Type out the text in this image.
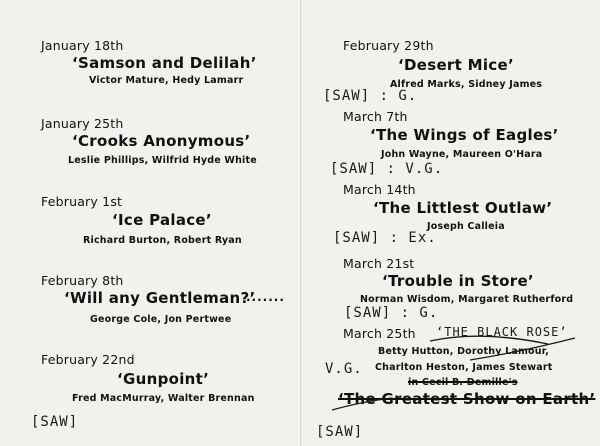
January 18th
‘Samson and Delilah’
Victor Mature, Hedy Lamarr
January 25th
‘Crooks Anonymous’
Leslie Phillips, Wilfrid Hyde White
February 1st
‘Ice Palace’
Richard Burton, Robert Ryan
February 8th
‘Will any Gentleman?’
.......
George Cole, Jon Pertwee
February 22nd
‘Gunpoint’
Fred MacMurray, Walter Brennan
[SAW]
February 29th
‘Desert Mice’
Alfred Marks, Sidney James
[SAW] : G.
March 7th
‘The Wings of Eagles’
John Wayne, Maureen O'Hara
[SAW] : V.G.
March 14th
‘The Littlest Outlaw’
Joseph Calleia
[SAW] : Ex.
March 21st
‘Trouble in Store’
Norman Wisdom, Margaret Rutherford
[SAW] : G.
March 25th ‘THE BLACK ROSE’
Betty Hutton, Dorothy Lamour,
Charlton Heston, James Stewart
in Cecil B. Demille's
‘The Greatest Show on Earth’
V.G.
[SAW]
